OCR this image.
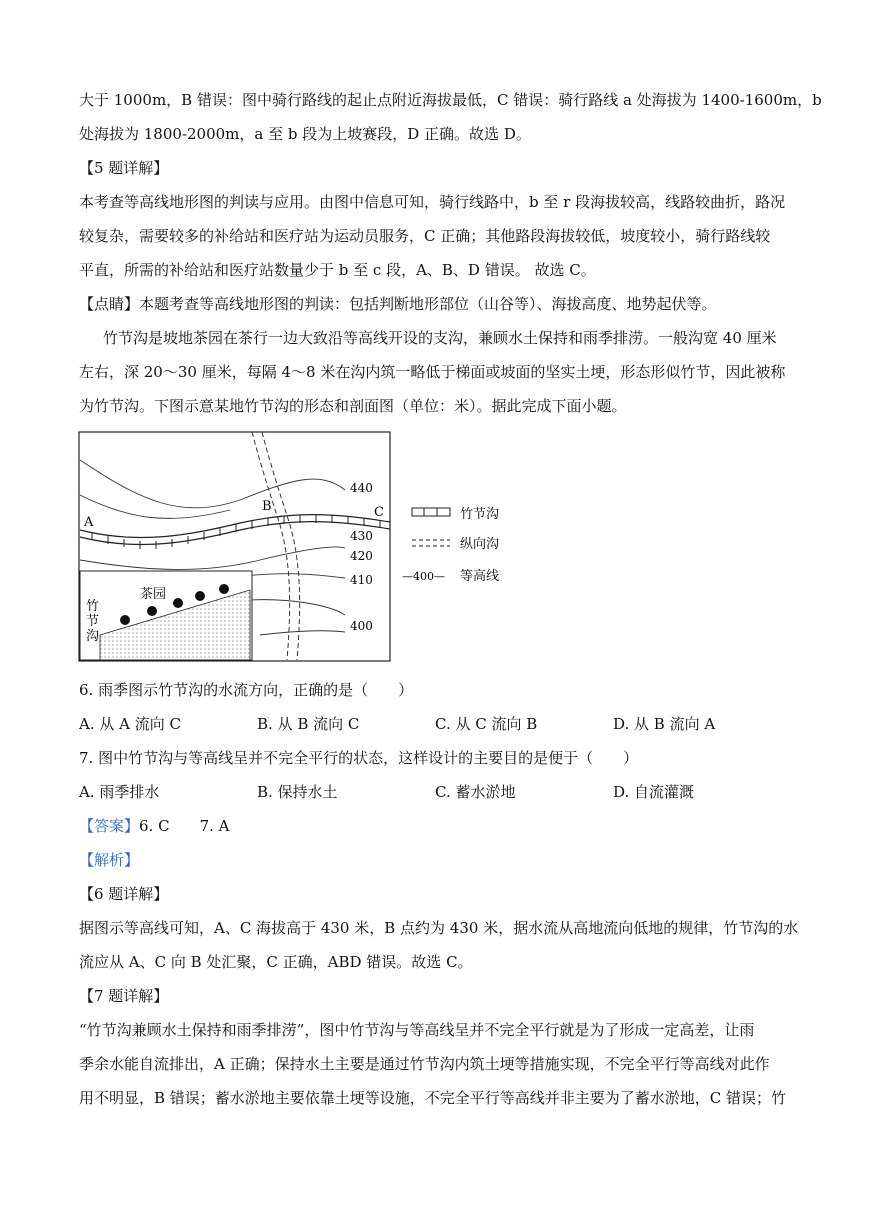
大于 1000m，B 错误：图中骑行路线的起止点附近海拔最低，C 错误：骑行路线 a 处海拔为 1400-1600m，b
处海拔为 1800-2000m，a 至 b 段为上坡赛段，D 正确。故选 D。
【5 题详解】
本考查等高线地形图的判读与应用。由图中信息可知，骑行线路中，b 至 r 段海拔较高，线路较曲折，路况
较复杂，需要较多的补给站和医疗站为运动员服务，C 正确；其他路段海拔较低，坡度较小，骑行路线较
平直，所需的补给站和医疗站数量少于 b 至 c 段，A、B、D 错误。 故选 C。
【点睛】本题考查等高线地形图的判读：包括判断地形部位（山谷等）、海拔高度、地势起伏等。
竹节沟是坡地茶园在茶行一边大致沿等高线开设的支沟，兼顾水土保持和雨季排涝。一般沟宽 40 厘米
左右，深 20～30 厘米，每隔 4～8 米在沟内筑一略低于梯面或坡面的坚实土埂，形态形似竹节，因此被称
为竹节沟。下图示意某地竹节沟的形态和剖面图（单位：米）。据此完成下面小题。
A
B	C
茶园
竹
节
沟
440
430
420
410
400
竹节沟
纵向沟
—400— 等高线
6. 雨季图示竹节沟的水流方向，正确的是（　　）
A. 从 A 流向 C	B. 从 B 流向 C	C. 从 C 流向 B	D. 从 B 流向 A
7. 图中竹节沟与等高线呈并不完全平行的状态，这样设计的主要目的是便于（　　）
A. 雨季排水	B. 保持水土	C. 蓄水淤地	D. 自流灌溉
【答案】6. C　　7. A
【解析】
【6 题详解】
据图示等高线可知，A、C 海拔高于 430 米，B 点约为 430 米，据水流从高地流向低地的规律，竹节沟的水
流应从 A、C 向 B 处汇聚，C 正确，ABD 错误。故选 C。
【7 题详解】
“竹节沟兼顾水土保持和雨季排涝”，图中竹节沟与等高线呈并不完全平行就是为了形成一定高差，让雨
季余水能自流排出，A 正确；保持水土主要是通过竹节沟内筑土埂等措施实现，不完全平行等高线对此作
用不明显，B 错误；蓄水淤地主要依靠土埂等设施，不完全平行等高线并非主要为了蓄水淤地，C 错误；竹
